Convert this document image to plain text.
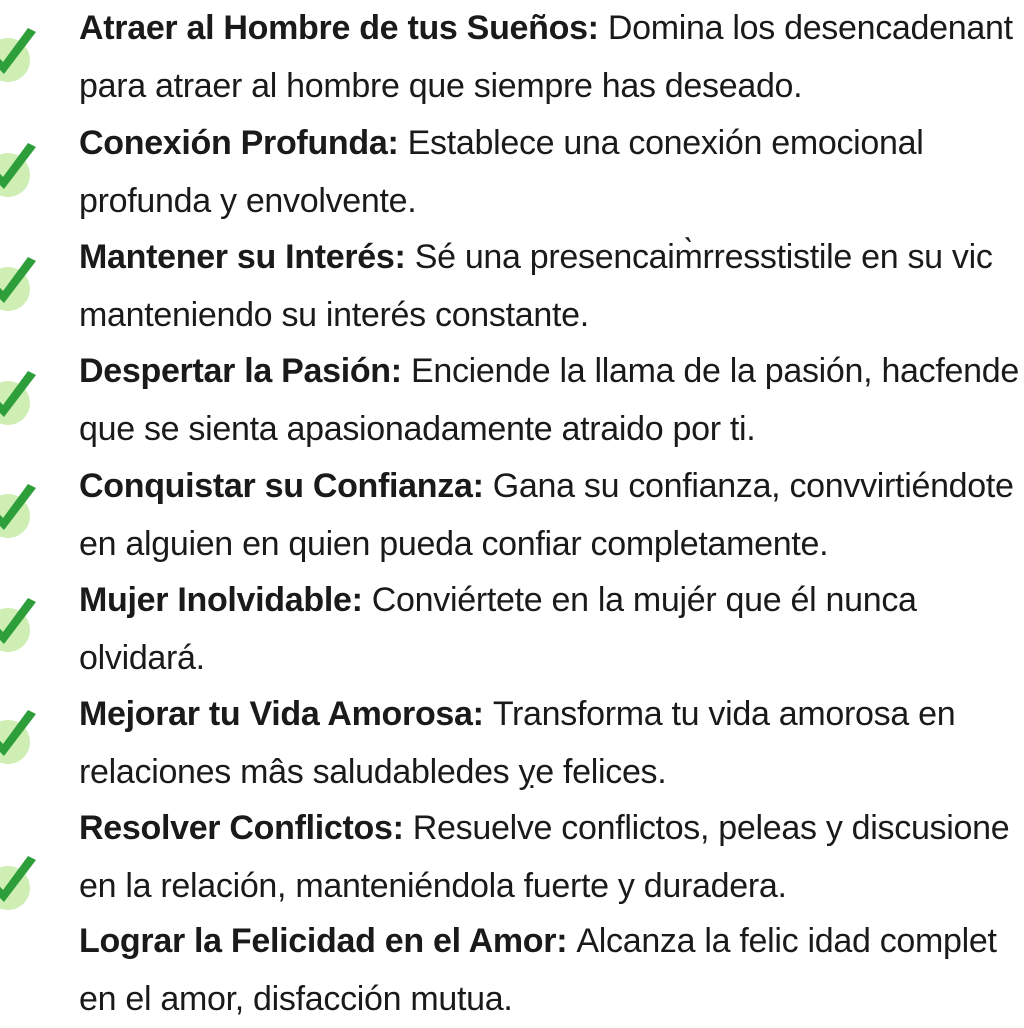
Atraer al Hombre de tus Sueños: Domina los desencadenant
para atraer al hombre que siempre has deseado.

Conexión Profunda: Establece una conexión emocional
profunda y envolvente.

Mantener su Interés: Sé una presencaim̀rresstistile en su vic
manteniendo su interés constante.

Despertar la Pasión: Enciende la llama de la pasión, hacfende
que se sienta apasionadamente atraido por ti.

Conquistar su Confianza: Gana su confianza, convvirtiéndote
en alguien en quien pueda confiar completamente.

Mujer Inolvidable: Conviértete en la mujér que él nunca
olvidará.

Mejorar tu Vida Amorosa: Transforma tu vida amorosa en
relaciones mâs saludabledes ỵe felices.

Resolver Conflictos: Resuelve conflictos, peleas y discusione
en la relación, manteniéndola fuerte y duradera.

Lograr la Felicidad en el Amor: Alcanza la felic idad complet
en el amor, disfacción mutua.
